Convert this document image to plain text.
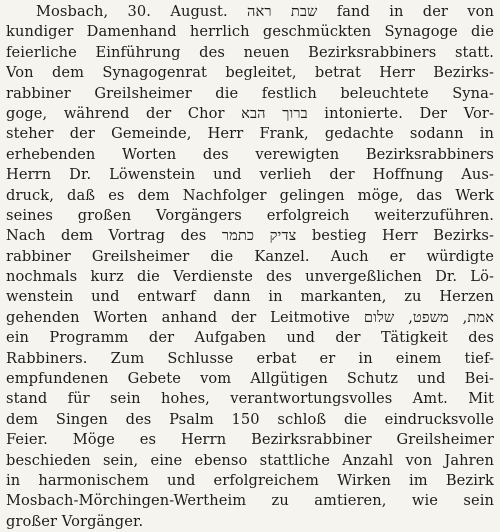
Mosbach, 30. August. שבת ראה fand in der von
kundiger Damenhand herrlich geschmückten Synagoge die
feierliche Einführung des neuen Bezirksrabbiners statt.
Von dem Synagogenrat begleitet, betrat Herr Bezirks-
rabbiner Greilsheimer die festlich beleuchtete Syna-
goge, während der Chor ברוך הבא intonierte. Der Vor-
steher der Gemeinde, Herr Frank, gedachte sodann in
erhebenden Worten des verewigten Bezirksrabbiners
Herrn Dr. Löwenstein und verlieh der Hoffnung Aus-
druck, daß es dem Nachfolger gelingen möge, das Werk
seines großen Vorgängers erfolgreich weiterzuführen.
Nach dem Vortrag des צדיק כתמר bestieg Herr Bezirks-
rabbiner Greilsheimer die Kanzel. Auch er würdigte
nochmals kurz die Verdienste des unvergeßlichen Dr. Lö-
wenstein und entwarf dann in markanten, zu Herzen
gehenden Worten anhand der Leitmotive אמת, משפט, שלום
ein Programm der Aufgaben und der Tätigkeit des
Rabbiners. Zum Schlusse erbat er in einem tief-
empfundenen Gebete vom Allgütigen Schutz und Bei-
stand für sein hohes, verantwortungsvolles Amt. Mit
dem Singen des Psalm 150 schloß die eindrucksvolle
Feier. Möge es Herrn Bezirksrabbiner Greilsheimer
beschieden sein, eine ebenso stattliche Anzahl von Jahren
in harmonischem und erfolgreichem Wirken im Bezirk
Mosbach-Mörchingen-Wertheim zu amtieren, wie sein
großer Vorgänger.
